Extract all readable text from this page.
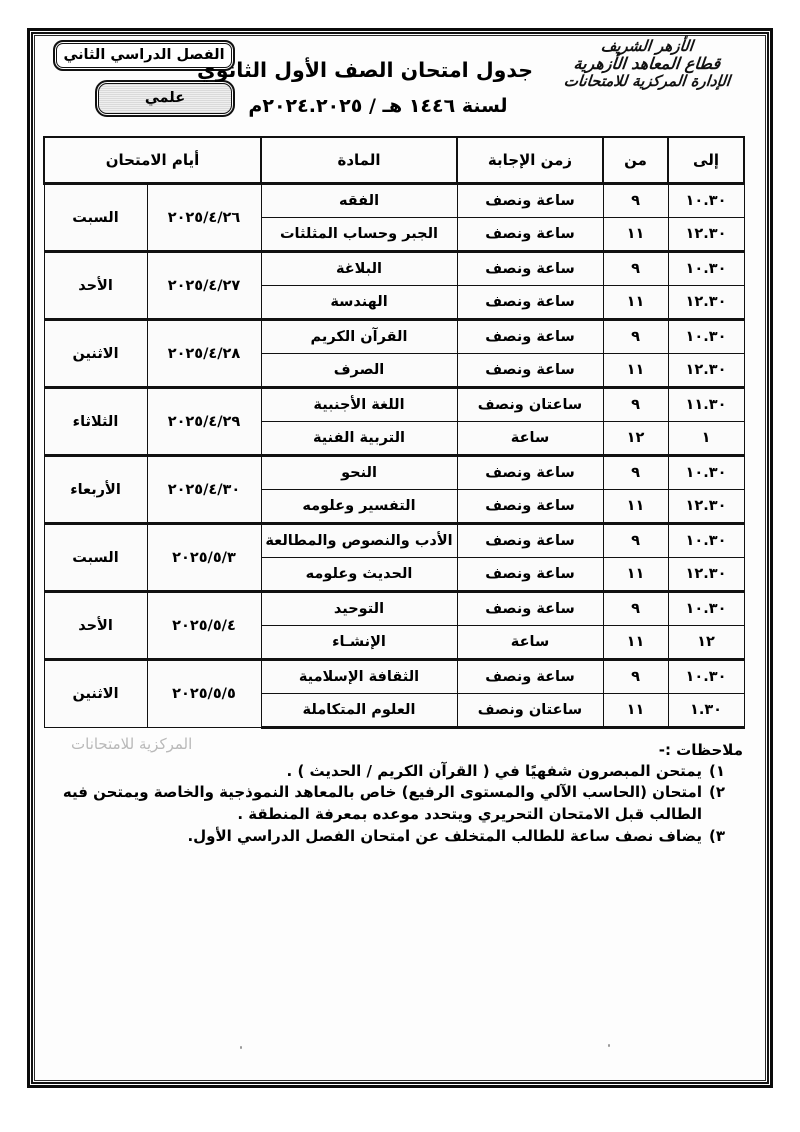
الفصل الدراسي الثاني
علمي
الأزهر الشريف
قطاع المعاهد الأزهرية
الإدارة المركزية للامتحانات
جدول امتحان الصف الأول الثانوي
لسنة ١٤٤٦ هـ / ٢٠٢٤.٢٠٢٥م
إلى	من	زمن الإجابة	المادة	أيام الامتحان	
١٠.٣٠	٩	ساعة ونصف	الفقه	٢٠٢٥/٤/٢٦	السبت
١٢.٣٠	١١	ساعة ونصف	الجبر وحساب المثلثات		
١٠.٣٠	٩	ساعة ونصف	البلاغة	٢٠٢٥/٤/٢٧	الأحد
١٢.٣٠	١١	ساعة ونصف	الهندسة		
١٠.٣٠	٩	ساعة ونصف	القرآن الكريم	٢٠٢٥/٤/٢٨	الاثنين
١٢.٣٠	١١	ساعة ونصف	الصرف		
١١.٣٠	٩	ساعتان ونصف	اللغة الأجنبية	٢٠٢٥/٤/٢٩	الثلاثاء
١	١٢	ساعة	التربية الفنية		
١٠.٣٠	٩	ساعة ونصف	النحو	٢٠٢٥/٤/٣٠	الأربعاء
١٢.٣٠	١١	ساعة ونصف	التفسير وعلومه		
١٠.٣٠	٩	ساعة ونصف	الأدب والنصوص والمطالعة	٢٠٢٥/٥/٣	السبت
١٢.٣٠	١١	ساعة ونصف	الحديث وعلومه		
١٠.٣٠	٩	ساعة ونصف	التوحيد	٢٠٢٥/٥/٤	الأحد
١٢	١١	ساعة	الإنشـاء		
١٠.٣٠	٩	ساعة ونصف	الثقافة الإسلامية	٢٠٢٥/٥/٥	الاثنين
١.٣٠	١١	ساعتان ونصف	العلوم المتكاملة		
المركزية للامتحانات	ملاحظات :-
١)
يمتحن المبصرون شفهيًا في ( القرآن الكريم / الحديث ) .
٢)
امتحان (الحاسب الآلي والمستوى الرفيع) خاص بالمعاهد النموذجية والخاصة ويمتحن فيه الطالب قبل الامتحان التحريري ويتحدد موعده بمعرفة المنطقة .
٣)
يضاف نصف ساعة للطالب المتخلف عن امتحان الفصل الدراسي الأول.
